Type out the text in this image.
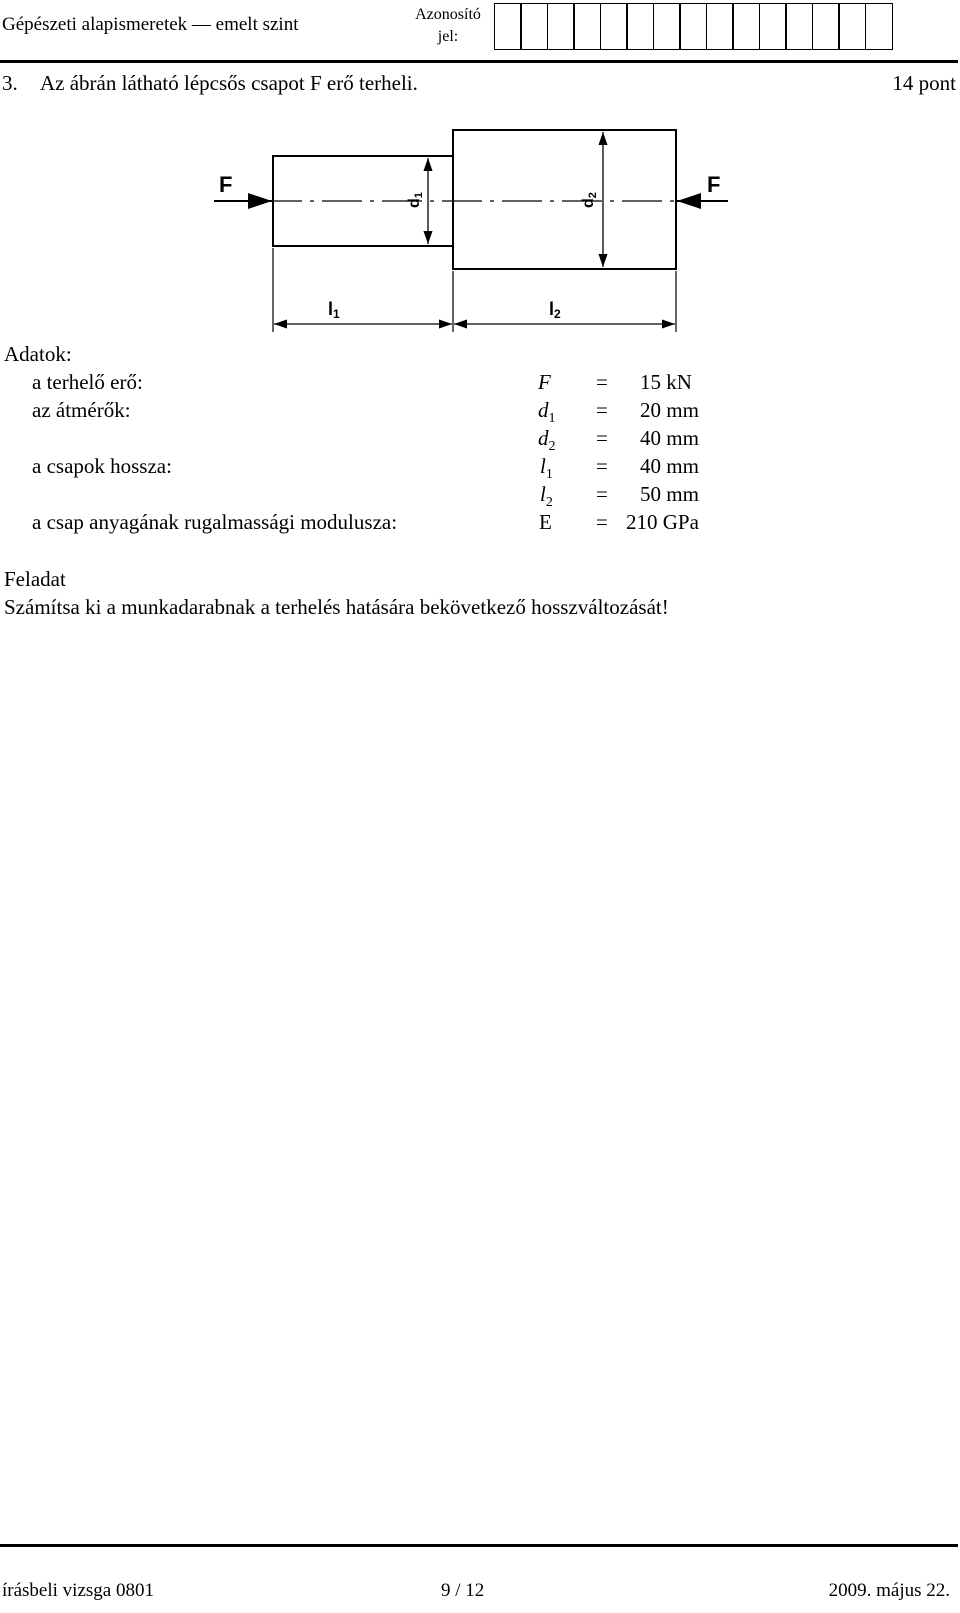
Gépészeti alapismeretek — emelt szint	Azonosító
jel:
3. Az ábrán látható lépcsős csapot F erő terheli.	14 pont
F	F
d1
d2
l1	l2
Adatok:
a terhelő erő:	F = 15 kN
az átmérők:	$d_1 = 20$ mm
$d_2 = 40$ mm
a csapok hossza:	$l_1 = 40$ mm
$l_2 = 50$ mm
a csap anyagának rugalmassági modulusza:	E = 210 GPa
Feladat
Számítsa ki a munkadarabnak a terhelés hatására bekövetkező hosszváltozását!
írásbeli vizsga 0801	9 / 12	2009. május 22.
